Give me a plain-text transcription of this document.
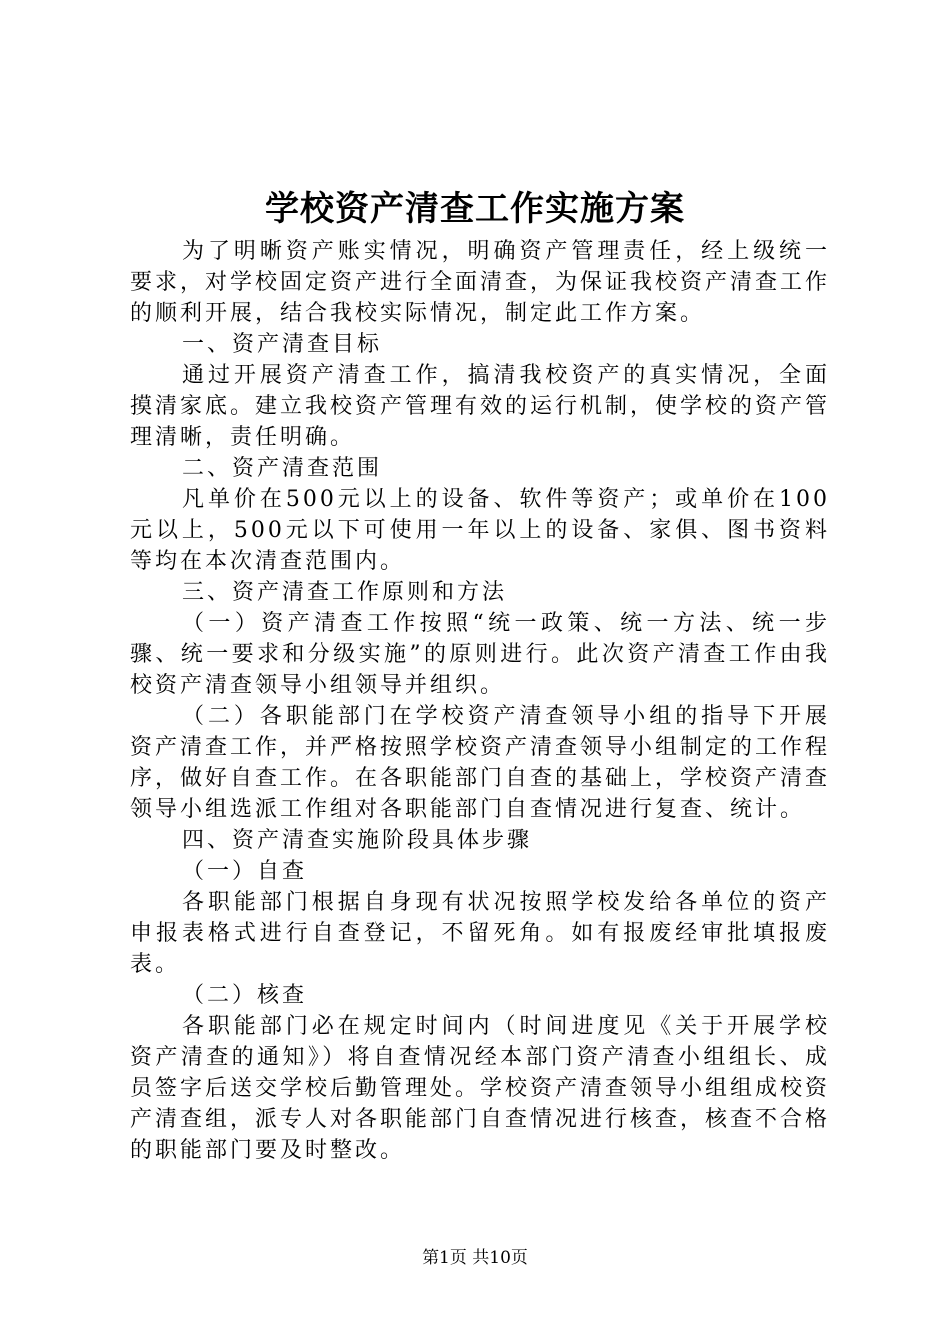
学校资产清查工作实施方案

为了明晰资产账实情况，明确资产管理责任，经上级统一要求，对学校固定资产进行全面清查，为保证我校资产清查工作的顺利开展，结合我校实际情况，制定此工作方案。

一、资产清查目标

通过开展资产清查工作，搞清我校资产的真实情况，全面摸清家底。建立我校资产管理有效的运行机制，使学校的资产管理清晰，责任明确。

二、资产清查范围

凡单价在500元以上的设备、软件等资产；或单价在100元以上，500元以下可使用一年以上的设备、家俱、图书资料等均在本次清查范围内。

三、资产清查工作原则和方法

（一）资产清查工作按照“统一政策、统一方法、统一步骤、统一要求和分级实施”的原则进行。此次资产清查工作由我校资产清查领导小组领导并组织。

（二）各职能部门在学校资产清查领导小组的指导下开展资产清查工作，并严格按照学校资产清查领导小组制定的工作程序，做好自查工作。在各职能部门自查的基础上，学校资产清查领导小组选派工作组对各职能部门自查情况进行复查、统计。

四、资产清查实施阶段具体步骤

（一）自查

各职能部门根据自身现有状况按照学校发给各单位的资产申报表格式进行自查登记，不留死角。如有报废经审批填报废表。

（二）核查

各职能部门必在规定时间内（时间进度见《关于开展学校资产清查的通知》）将自查情况经本部门资产清查小组组长、成员签字后送交学校后勤管理处。学校资产清查领导小组组成校资产清查组，派专人对各职能部门自查情况进行核查，核查不合格的职能部门要及时整改。

第1页 共10页
